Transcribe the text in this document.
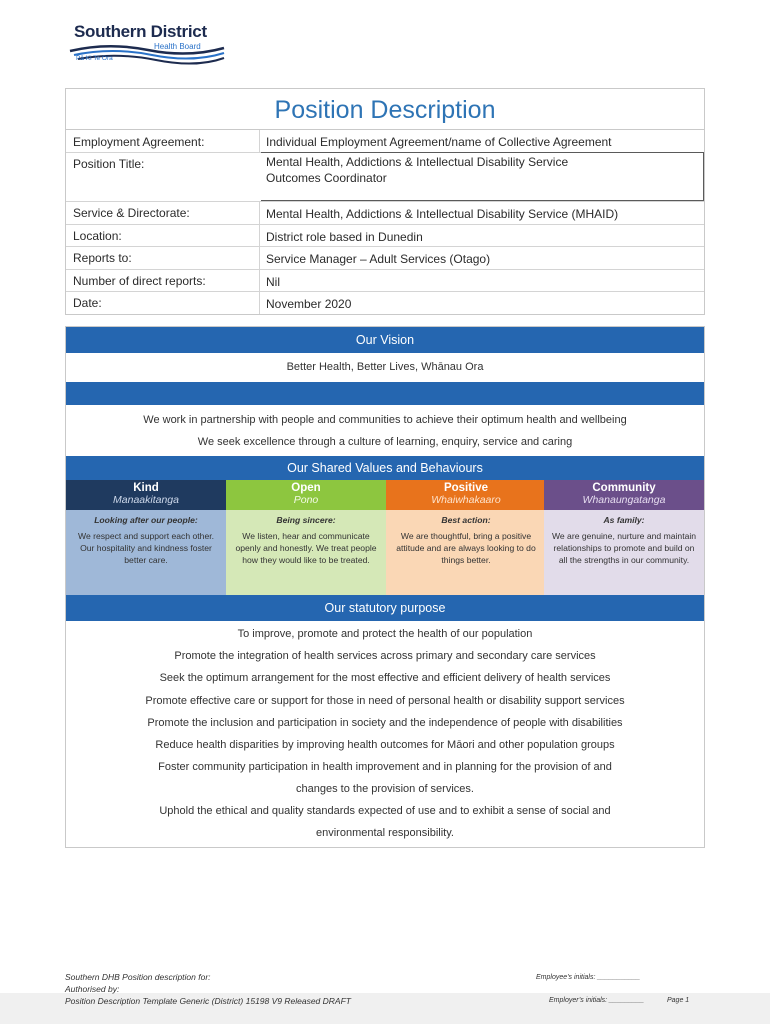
Southern District
Health Board
Pā Ki Te Ora
Position Description
Employment Agreement:	Individual Employment Agreement/name of Collective Agreement
Position Title:	Mental Health, Addictions & Intellectual Disability Service
Outcomes Coordinator
Service & Directorate:	Mental Health, Addictions & Intellectual Disability Service (MHAID)
Location:	District role based in Dunedin
Reports to:	Service Manager – Adult Services (Otago)
Number of direct reports:	Nil
Date:	November 2020
Our Vision
Better Health, Better Lives, Whānau Ora
We work in partnership with people and communities to achieve their optimum health and wellbeing
We seek excellence through a culture of learning, enquiry, service and caring
Our Shared Values and Behaviours
Kind
Manaakitanga
Looking after our people:
We respect and support each other. Our hospitality and kindness foster better care.
Open
Pono
Being sincere:
We listen, hear and communicate openly and honestly. We treat people how they would like to be treated.
Positive
Whaiwhakaaro
Best action:
We are thoughtful, bring a positive attitude and are always looking to do things better.
Community
Whanaungatanga
As family:
We are genuine, nurture and maintain relationships to promote and build on all the strengths in our community.
Our statutory purpose
To improve, promote and protect the health of our population
Promote the integration of health services across primary and secondary care services
Seek the optimum arrangement for the most effective and efficient delivery of health services
Promote effective care or support for those in need of personal health or disability support services
Promote the inclusion and participation in society and the independence of people with disabilities
Reduce health disparities by improving health outcomes for Māori and other population groups
Foster community participation in health improvement and in planning for the provision of and
changes to the provision of services.
Uphold the ethical and quality standards expected of use and to exhibit a sense of social and
environmental responsibility.
Southern DHB Position description for:
Authorised by:
Position Description Template Generic (District) 15198 V9 Released DRAFT
Employee’s initials: ___________
Employer’s initials: _________	Page 1
